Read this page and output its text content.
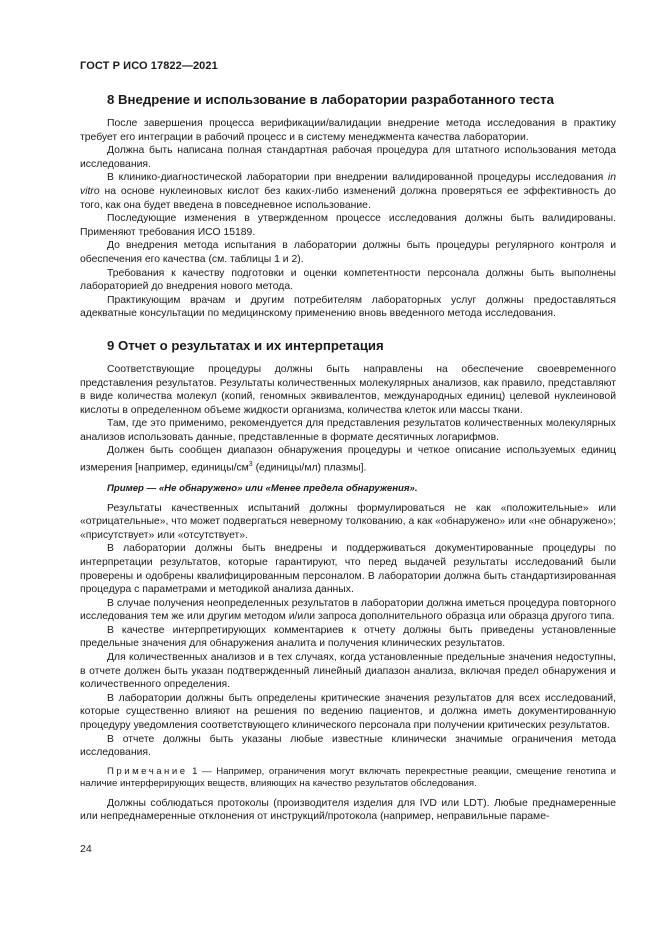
ГОСТ Р ИСО 17822—2021
8 Внедрение и использование в лаборатории разработанного теста

После завершения процесса верификации/валидации внедрение метода исследования в практику требует его интеграции в рабочий процесс и в систему менеджмента качества лаборатории.

Должна быть написана полная стандартная рабочая процедура для штатного использования метода исследования.

В клинико-диагностической лаборатории при внедрении валидированной процедуры исследования in vitro на основе нуклеиновых кислот без каких-либо изменений должна проверяться ее эффективность до того, как она будет введена в повседневное использование.

Последующие изменения в утвержденном процессе исследования должны быть валидированы. Применяют требования ИСО 15189.

До внедрения метода испытания в лаборатории должны быть процедуры регулярного контроля и обеспечения его качества (см. таблицы 1 и 2).

Требования к качеству подготовки и оценки компетентности персонала должны быть выполнены лабораторией до внедрения нового метода.

Практикующим врачам и другим потребителям лабораторных услуг должны предоставляться адекватные консультации по медицинскому применению вновь введенного метода исследования.

9 Отчет о результатах и их интерпретация

Соответствующие процедуры должны быть направлены на обеспечение своевременного представления результатов. Результаты количественных молекулярных анализов, как правило, представляют в виде количества молекул (копий, геномных эквивалентов, международных единиц) целевой нуклеиновой кислоты в определенном объеме жидкости организма, количества клеток или массы ткани.

Там, где это применимо, рекомендуется для представления результатов количественных молекулярных анализов использовать данные, представленные в формате десятичных логарифмов.

Должен быть сообщен диапазон обнаружения процедуры и четкое описание используемых единиц измерения [например, единицы/$см^3$ (единицы/мл) плазмы].

Пример — «Не обнаружено» или «Менее предела обнаружения».

Результаты качественных испытаний должны формулироваться не как «положительные» или «отрицательные», что может подвергаться неверному толкованию, а как «обнаружено» или «не обнаружено»; «присутствует» или «отсутствует».

В лаборатории должны быть внедрены и поддерживаться документированные процедуры по интерпретации результатов, которые гарантируют, что перед выдачей результаты исследований были проверены и одобрены квалифицированным персоналом. В лаборатории должна быть стандартизированная процедура с параметрами и методикой анализа данных.

В случае получения неопределенных результатов в лаборатории должна иметься процедура повторного исследования тем же или другим методом и/или запроса дополнительного образца или образца другого типа.

В качестве интерпретирующих комментариев к отчету должны быть приведены установленные предельные значения для обнаружения аналита и получения клинических результатов.

Для количественных анализов и в тех случаях, когда установленные предельные значения недоступны, в отчете должен быть указан подтвержденный линейный диапазон анализа, включая предел обнаружения и количественного определения.

В лаборатории должны быть определены критические значения результатов для всех исследований, которые существенно влияют на решения по ведению пациентов, и должна иметь документированную процедуру уведомления соответствующего клинического персонала при получении критических результатов.

В отчете должны быть указаны любые известные клинически значимые ограничения метода исследования.

Примечание 1 — Например, ограничения могут включать перекрестные реакции, смещение генотипа и наличие интерферирующих веществ, влияющих на качество результатов обследования.

Должны соблюдаться протоколы (производителя изделия для IVD или LDT). Любые преднамеренные или непреднамеренные отклонения от инструкций/протокола (например, неправильные параме-

24
